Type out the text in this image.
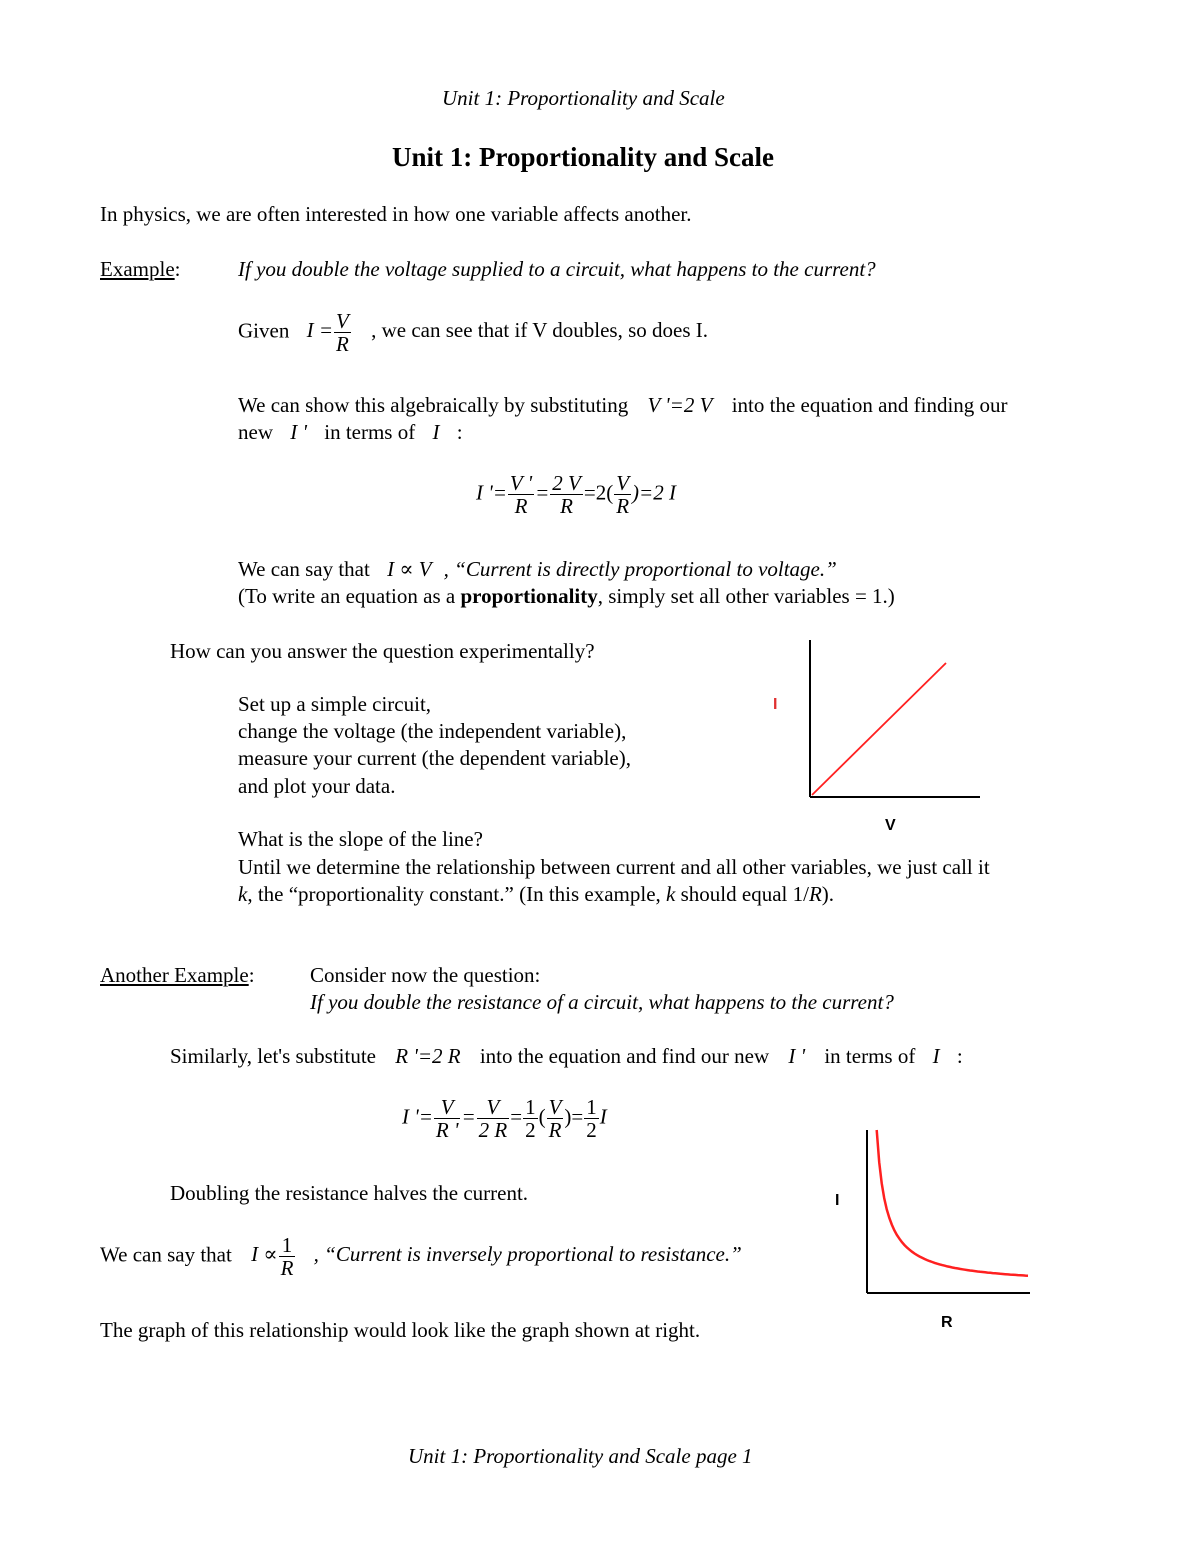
Unit 1: Proportionality and Scale
Unit 1: Proportionality and Scale
In physics, we are often interested in how one variable affects another.
Example:	If you double the voltage supplied to a circuit, what happens to the current?
Given $I = \frac{V}{R}$ , we can see that if V doubles, so does I.
We can show this algebraically by substituting V '=2 V into the equation and finding our
new I ' in terms of I :
I '= $\frac{V '}{R} = \frac{2 V}{R} =2( \frac{V}{R} )=2$ I
We can say that I ∝ V , “Current is directly proportional to voltage.”
(To write an equation as a proportionality, simply set all other variables = 1.)
How can you answer the question experimentally?
Set up a simple circuit,
change the voltage (the independent variable),
measure your current (the dependent variable),
and plot your data.
What is the slope of the line?
Until we determine the relationship between current and all other variables, we just call it
k, the “proportionality constant.” (In this example, k should equal 1/R).
I
V
Another Example:	Consider now the question:
If you double the resistance of a circuit, what happens to the current?
Similarly, let's substitute R '=2 R into the equation and find our new I ' in terms of I :
I '= $\frac{V}{R '} = \frac{V}{2 R} = \frac{1}{2}$ ( $\frac{V}{R}$ )= $\frac{1}{2}$ I
Doubling the resistance halves the current.
We can say that $I \propto \frac{1}{R}$ , “Current is inversely proportional to resistance.”
The graph of this relationship would look like the graph shown at right.
I
R
Unit 1: Proportionality and Scale page 1
